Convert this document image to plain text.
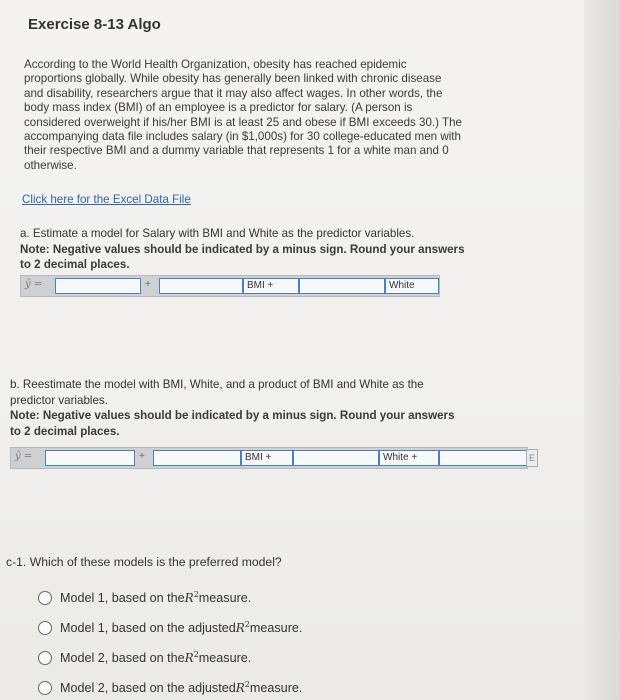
Exercise 8-13 Algo
According to the World Health Organization, obesity has reached epidemic
proportions globally. While obesity has generally been linked with chronic disease
and disability, researchers argue that it may also affect wages. In other words, the
body mass index (BMI) of an employee is a predictor for salary. (A person is
considered overweight if his/her BMI is at least 25 and obese if BMI exceeds 30.) The
accompanying data file includes salary (in $1,000s) for 30 college-educated men with
their respective BMI and a dummy variable that represents 1 for a white man and 0
otherwise.
Click here for the Excel Data File
a. Estimate a model for Salary with BMI and White as the predictor variables.
Note: Negative values should be indicated by a minus sign. Round your answers
to 2 decimal places.
ŷ =	+	BMI +	White
b. Reestimate the model with BMI, White, and a product of BMI and White as the
predictor variables.
Note: Negative values should be indicated by a minus sign. Round your answers
to 2 decimal places.
ŷ =	+	BMI +	White +	E
c-1. Which of these models is the preferred model?
Model 1, based on the $R^2$ measure.
Model 1, based on the adjusted $R^2$ measure.
Model 2, based on the $R^2$ measure.
Model 2, based on the adjusted $R^2$ measure.
